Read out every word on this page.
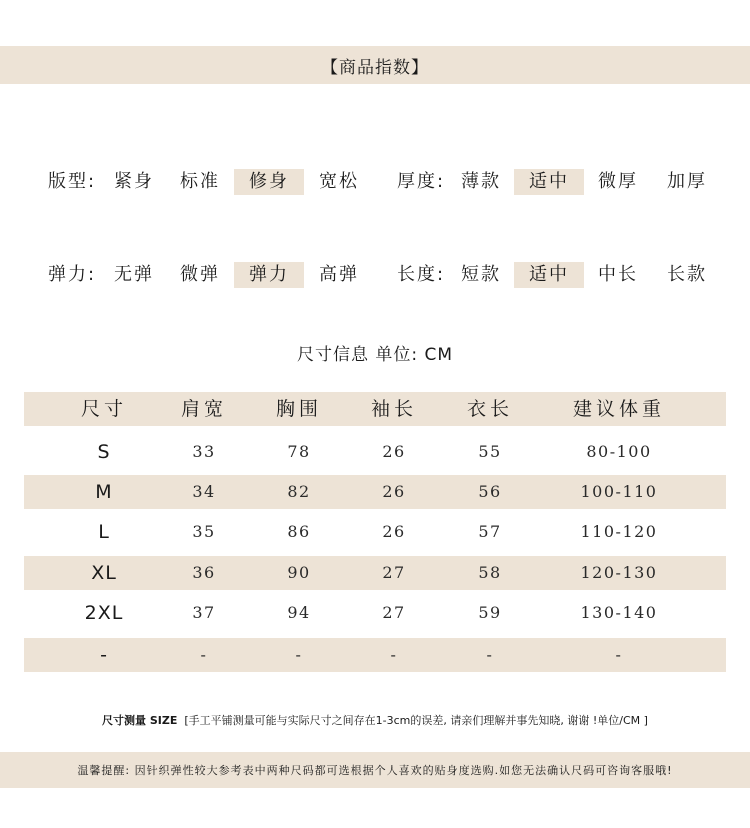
【商品指数】
版型: 紧身 标准	修身	宽松 厚度: 薄款	适中	微厚 加厚
弹力: 无弹 微弹	弹力	高弹 长度: 短款	适中	中长 长款
尺寸信息 单位: CM
尺寸	肩宽	胸围	袖长	衣长	建议体重
S	33	78	26	55	80-100
M	34	82	26	56	100-110
L	35	86	26	57	110-120
XL	36	90	27	58	120-130
2XL	37	94	27	59	130-140
-	-	-	-	-	-
尺寸测量 SIZE [手工平铺测量可能与实际尺寸之间存在1-3cm的误差, 请亲们理解并事先知晓, 谢谢 !单位/CM ]
温馨提醒: 因针织弹性较大参考表中两种尺码都可选根据个人喜欢的贴身度选购.如您无法确认尺码可咨询客服哦!
